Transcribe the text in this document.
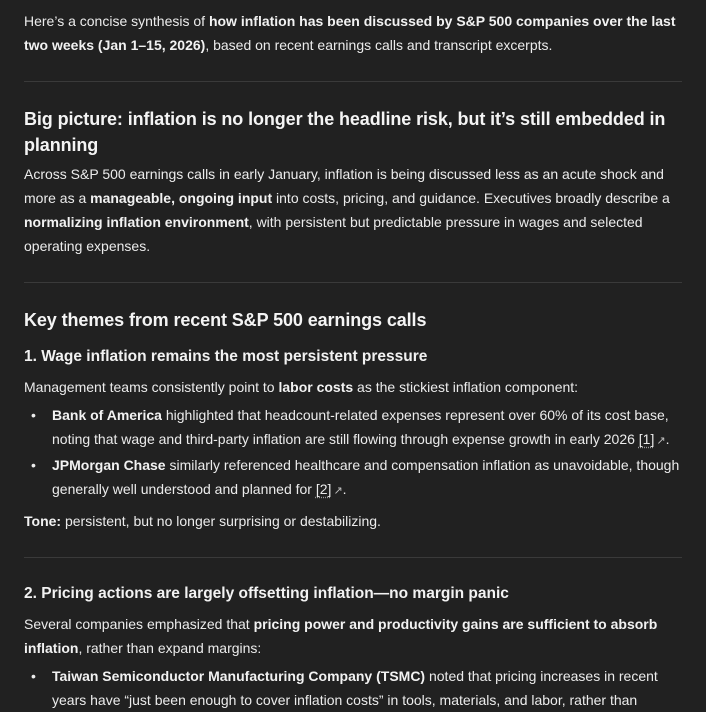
Here’s a concise synthesis of how inflation has been discussed by S&P 500 companies over the last two weeks (Jan 1–15, 2026), based on recent earnings calls and transcript excerpts.

Big picture: inflation is no longer the headline risk, but it’s still embedded in planning

Across S&P 500 earnings calls in early January, inflation is being discussed less as an acute shock and more as a manageable, ongoing input into costs, pricing, and guidance. Executives broadly describe a normalizing inflation environment, with persistent but predictable pressure in wages and selected operating expenses.

Key themes from recent S&P 500 earnings calls
1. Wage inflation remains the most persistent pressure

Management teams consistently point to labor costs as the stickiest inflation component:

• Bank of America highlighted that headcount-related expenses represent over 60% of its cost base, noting that wage and third-party inflation are still flowing through expense growth in early 2026 [1] ↗.
• JPMorgan Chase similarly referenced healthcare and compensation inflation as unavoidable, though generally well understood and planned for [2] ↗.

Tone: persistent, but no longer surprising or destabilizing.

2. Pricing actions are largely offsetting inflation—no margin panic

Several companies emphasized that pricing power and productivity gains are sufficient to absorb inflation, rather than expand margins:

• Taiwan Semiconductor Manufacturing Company (TSMC) noted that pricing increases in recent years have “just been enough to cover inflation costs” in tools, materials, and labor, rather than
